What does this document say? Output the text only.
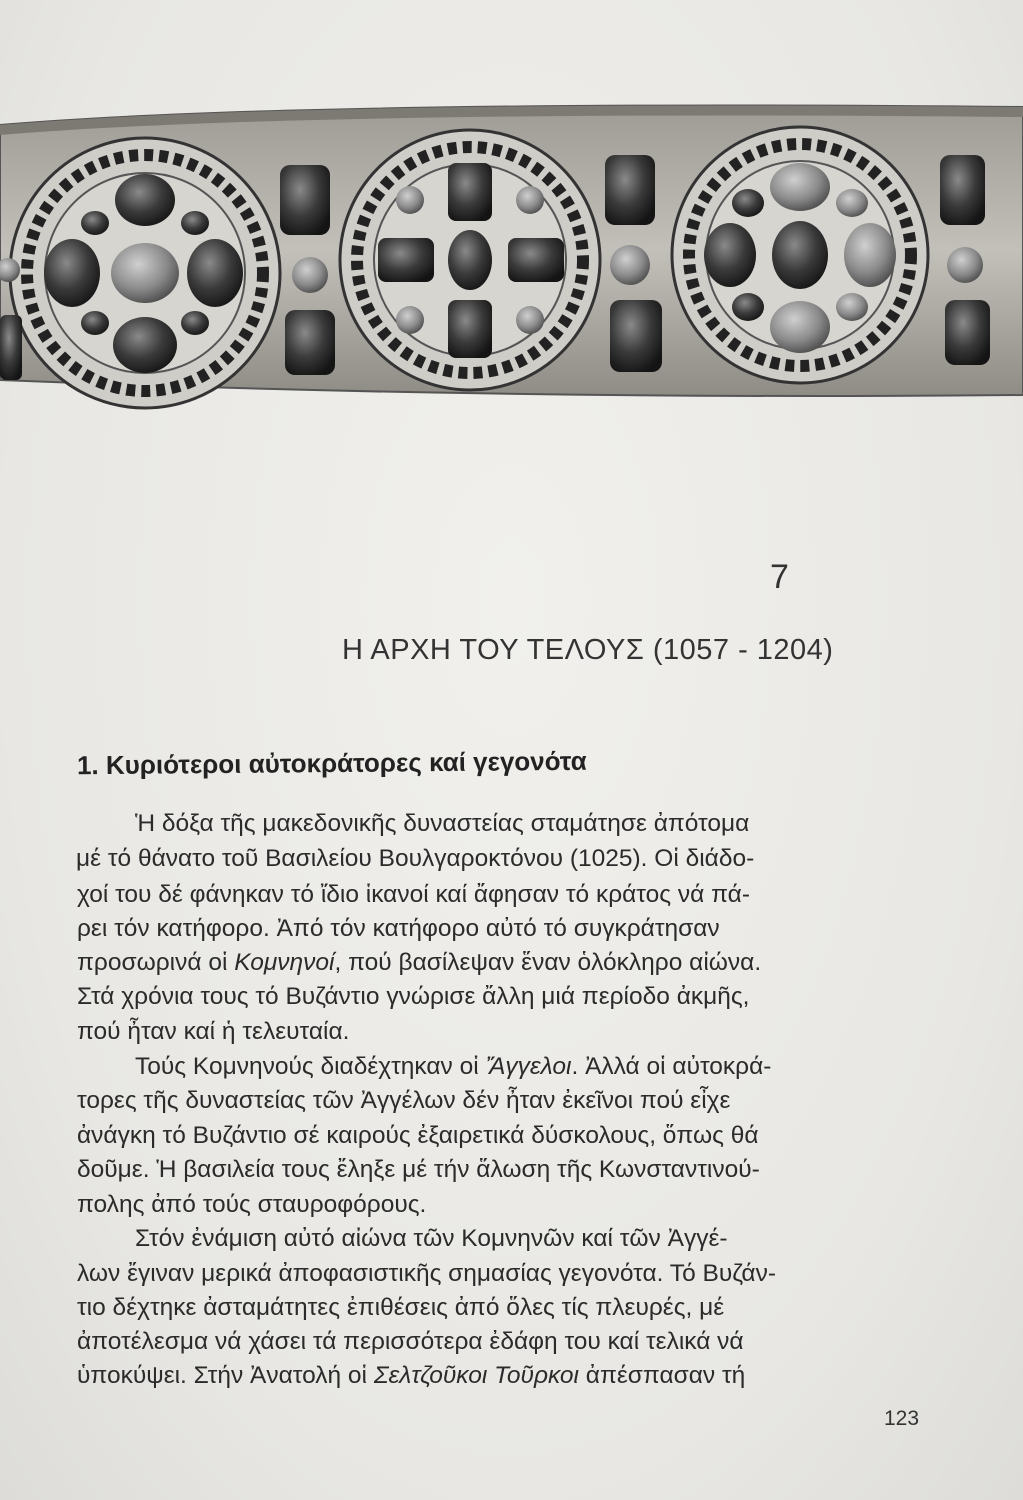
7
Η ΑΡΧΗ ΤΟΥ ΤΕΛΟΥΣ (1057 - 1204)
1. Κυριότεροι αὐτοκράτορες καί γεγονότα
Ἡ δόξα τῆς μακεδονικῆς δυναστείας σταμάτησε ἀπότομα
μέ τό θάνατο τοῦ Βασιλείου Βουλγαροκτόνου (1025). Οἱ διάδο-
χοί του δέ φάνηκαν τό ἴδιο ἱκανοί καί ἄφησαν τό κράτος νά πά-
ρει τόν κατήφορο. Ἀπό τόν κατήφορο αὐτό τό συγκράτησαν
προσωρινά οἱ Κομνηνοί, πού βασίλεψαν ἕναν ὁλόκληρο αἰώνα.
Στά χρόνια τους τό Βυζάντιο γνώρισε ἄλλη μιά περίοδο ἀκμῆς,
πού ἦταν καί ἡ τελευταία.
Τούς Κομνηνούς διαδέχτηκαν οἱ Ἄγγελοι. Ἀλλά οἱ αὐτοκρά-
τορες τῆς δυναστείας τῶν Ἀγγέλων δέν ἦταν ἐκεῖνοι πού εἶχε
ἀνάγκη τό Βυζάντιο σέ καιρούς ἐξαιρετικά δύσκολους, ὅπως θά
δοῦμε. Ἡ βασιλεία τους ἔληξε μέ τήν ἅλωση τῆς Κωνσταντινού-
πολης ἀπό τούς σταυροφόρους.
Στόν ἐνάμιση αὐτό αἰώνα τῶν Κομνηνῶν καί τῶν Ἀγγέ-
λων ἔγιναν μερικά ἀποφασιστικῆς σημασίας γεγονότα. Τό Βυζάν-
τιο δέχτηκε ἀσταμάτητες ἐπιθέσεις ἀπό ὅλες τίς πλευρές, μέ
ἀποτέλεσμα νά χάσει τά περισσότερα ἐδάφη του καί τελικά νά
ὑποκύψει. Στήν Ἀνατολή οἱ Σελτζοῦκοι Τοῦρκοι ἀπέσπασαν τή
123
